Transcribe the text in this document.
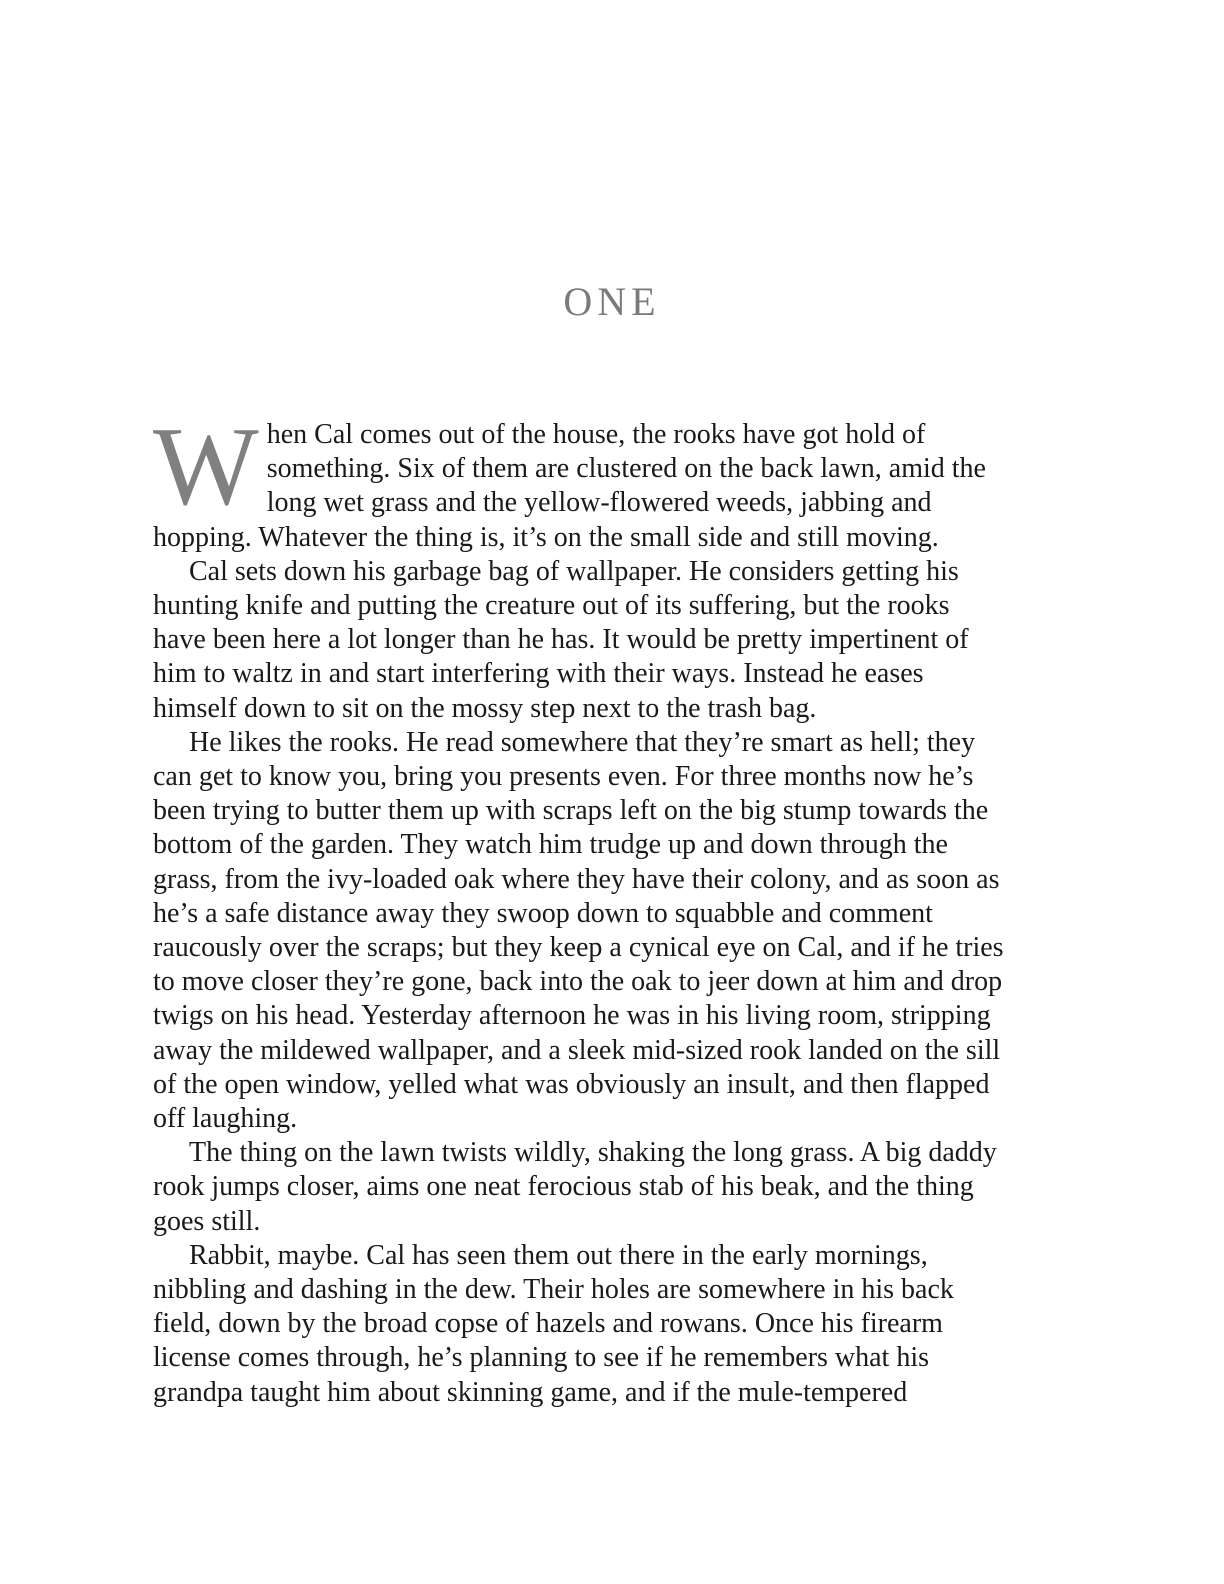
ONE

W hen Cal comes out of the house, the rooks have got hold of
something. Six of them are clustered on the back lawn, amid the
long wet grass and the yellow-flowered weeds, jabbing and
hopping. Whatever the thing is, it’s on the small side and still moving.

Cal sets down his garbage bag of wallpaper. He considers getting his
hunting knife and putting the creature out of its suffering, but the rooks
have been here a lot longer than he has. It would be pretty impertinent of
him to waltz in and start interfering with their ways. Instead he eases
himself down to sit on the mossy step next to the trash bag.

He likes the rooks. He read somewhere that they’re smart as hell; they
can get to know you, bring you presents even. For three months now he’s
been trying to butter them up with scraps left on the big stump towards the
bottom of the garden. They watch him trudge up and down through the
grass, from the ivy-loaded oak where they have their colony, and as soon as
he’s a safe distance away they swoop down to squabble and comment
raucously over the scraps; but they keep a cynical eye on Cal, and if he tries
to move closer they’re gone, back into the oak to jeer down at him and drop
twigs on his head. Yesterday afternoon he was in his living room, stripping
away the mildewed wallpaper, and a sleek mid-sized rook landed on the sill
of the open window, yelled what was obviously an insult, and then flapped
off laughing.

The thing on the lawn twists wildly, shaking the long grass. A big daddy
rook jumps closer, aims one neat ferocious stab of his beak, and the thing
goes still.

Rabbit, maybe. Cal has seen them out there in the early mornings,
nibbling and dashing in the dew. Their holes are somewhere in his back
field, down by the broad copse of hazels and rowans. Once his firearm
license comes through, he’s planning to see if he remembers what his
grandpa taught him about skinning game, and if the mule-tempered
